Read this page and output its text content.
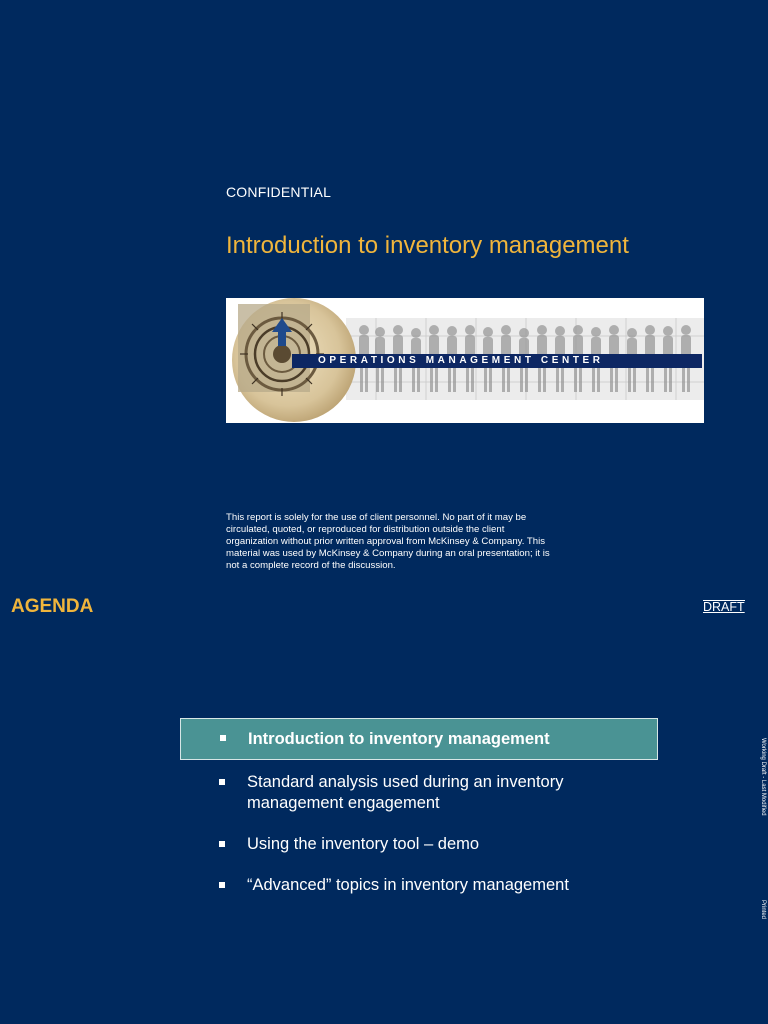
CONFIDENTIAL
Introduction to inventory management
OPERATIONS MANAGEMENT CENTER
This report is solely for the use of client personnel. No part of it may be circulated, quoted, or reproduced for distribution outside the client organization without prior written approval from McKinsey & Company. This material was used by McKinsey & Company during an oral presentation; it is not a complete record of the discussion.
AGENDA	DRAFT
Introduction to inventory management
Standard analysis used during an inventory management engagement
Using the inventory tool – demo
“Advanced” topics in inventory management
Working Draft - Last Modified
Printed
